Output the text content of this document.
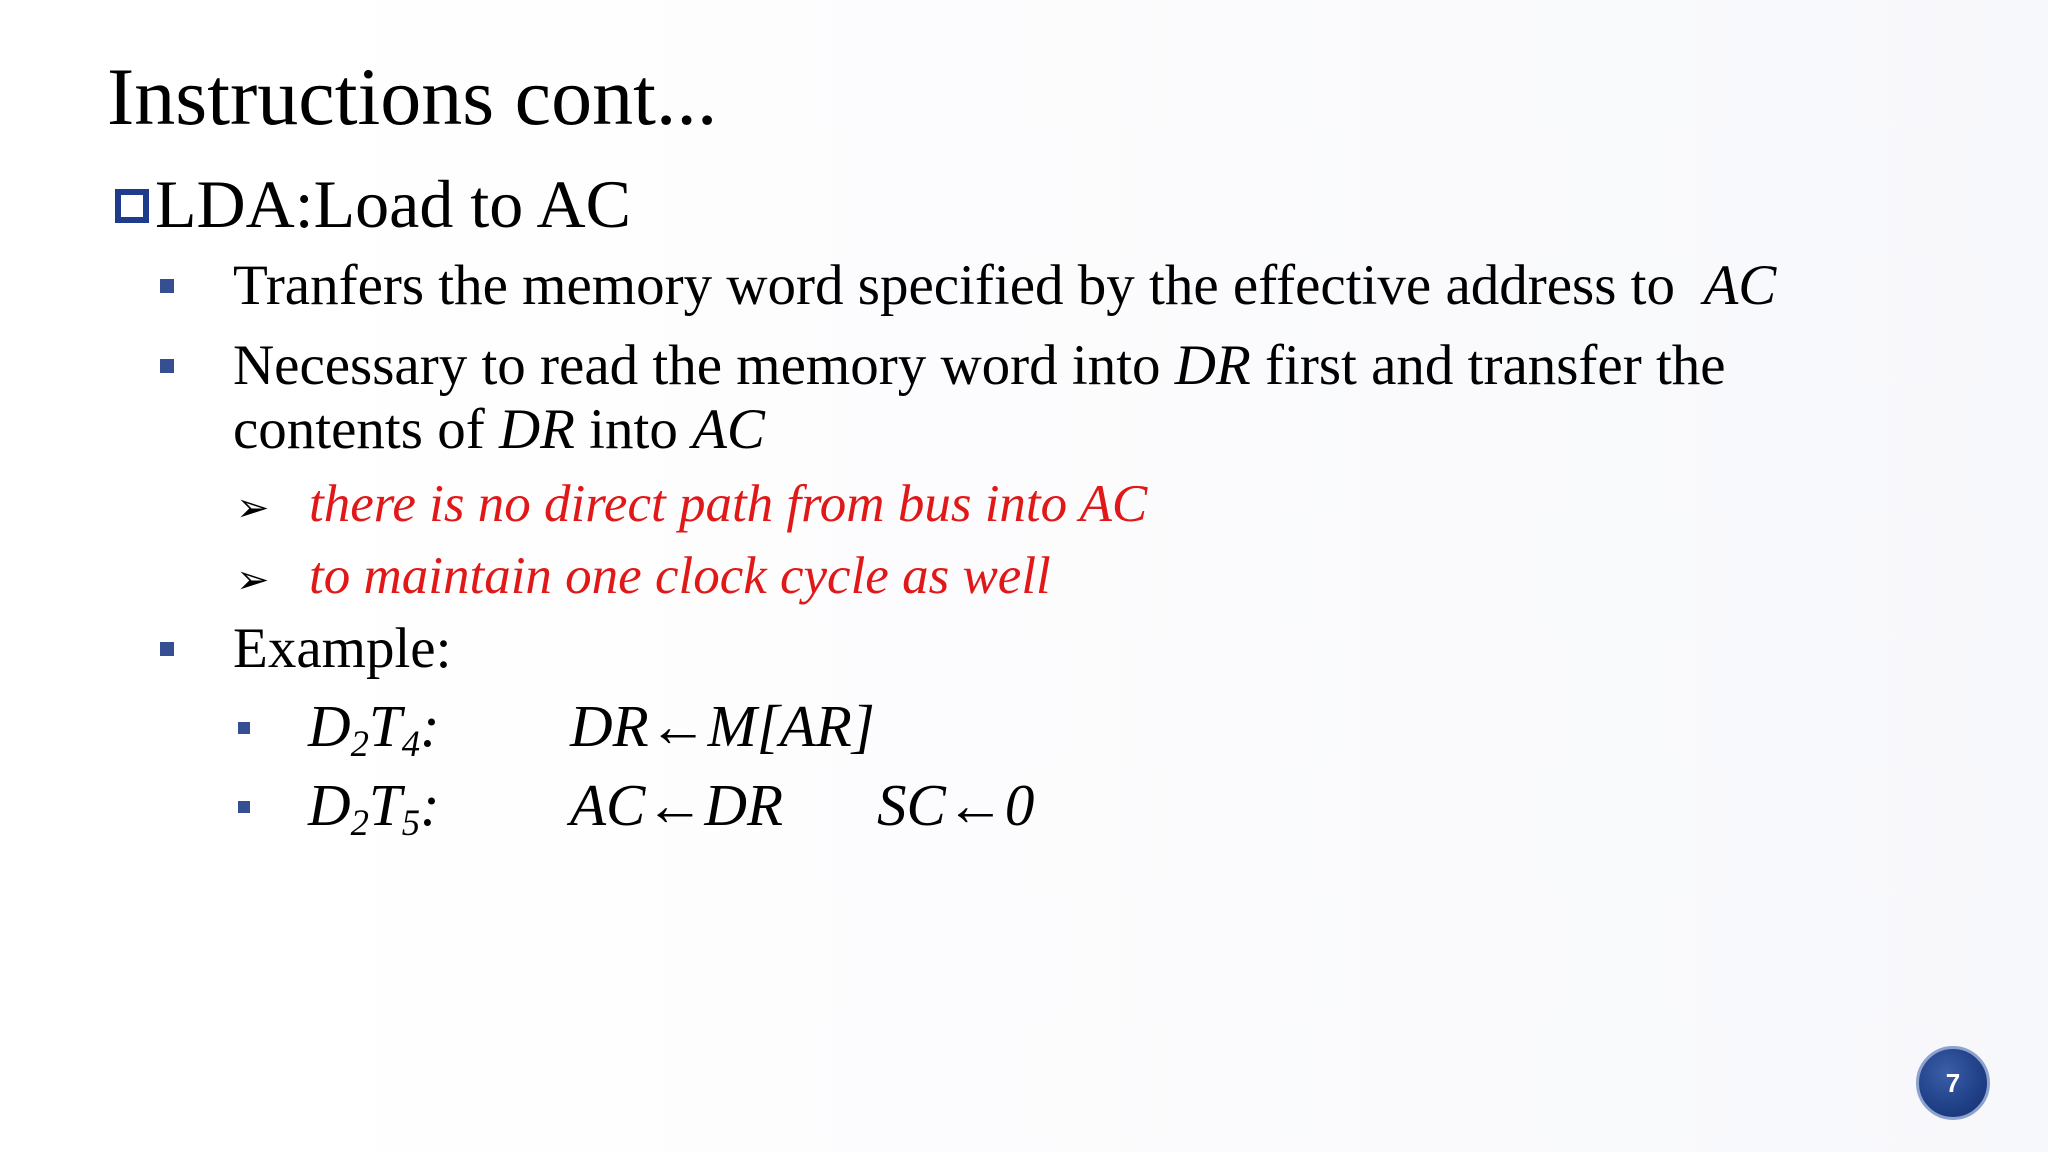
Instructions cont...
LDA:Load to AC
Tranfers the memory word specified by the effective address to AC
Necessary to read the memory word into DR first and transfer the
contents of DR into AC
➢ there is no direct path from bus into AC
➢ to maintain one clock cycle as well
Example:
$D_2T_4$: DR←M[AR]
$D_2T_5$: AC←DR SC←0
7
